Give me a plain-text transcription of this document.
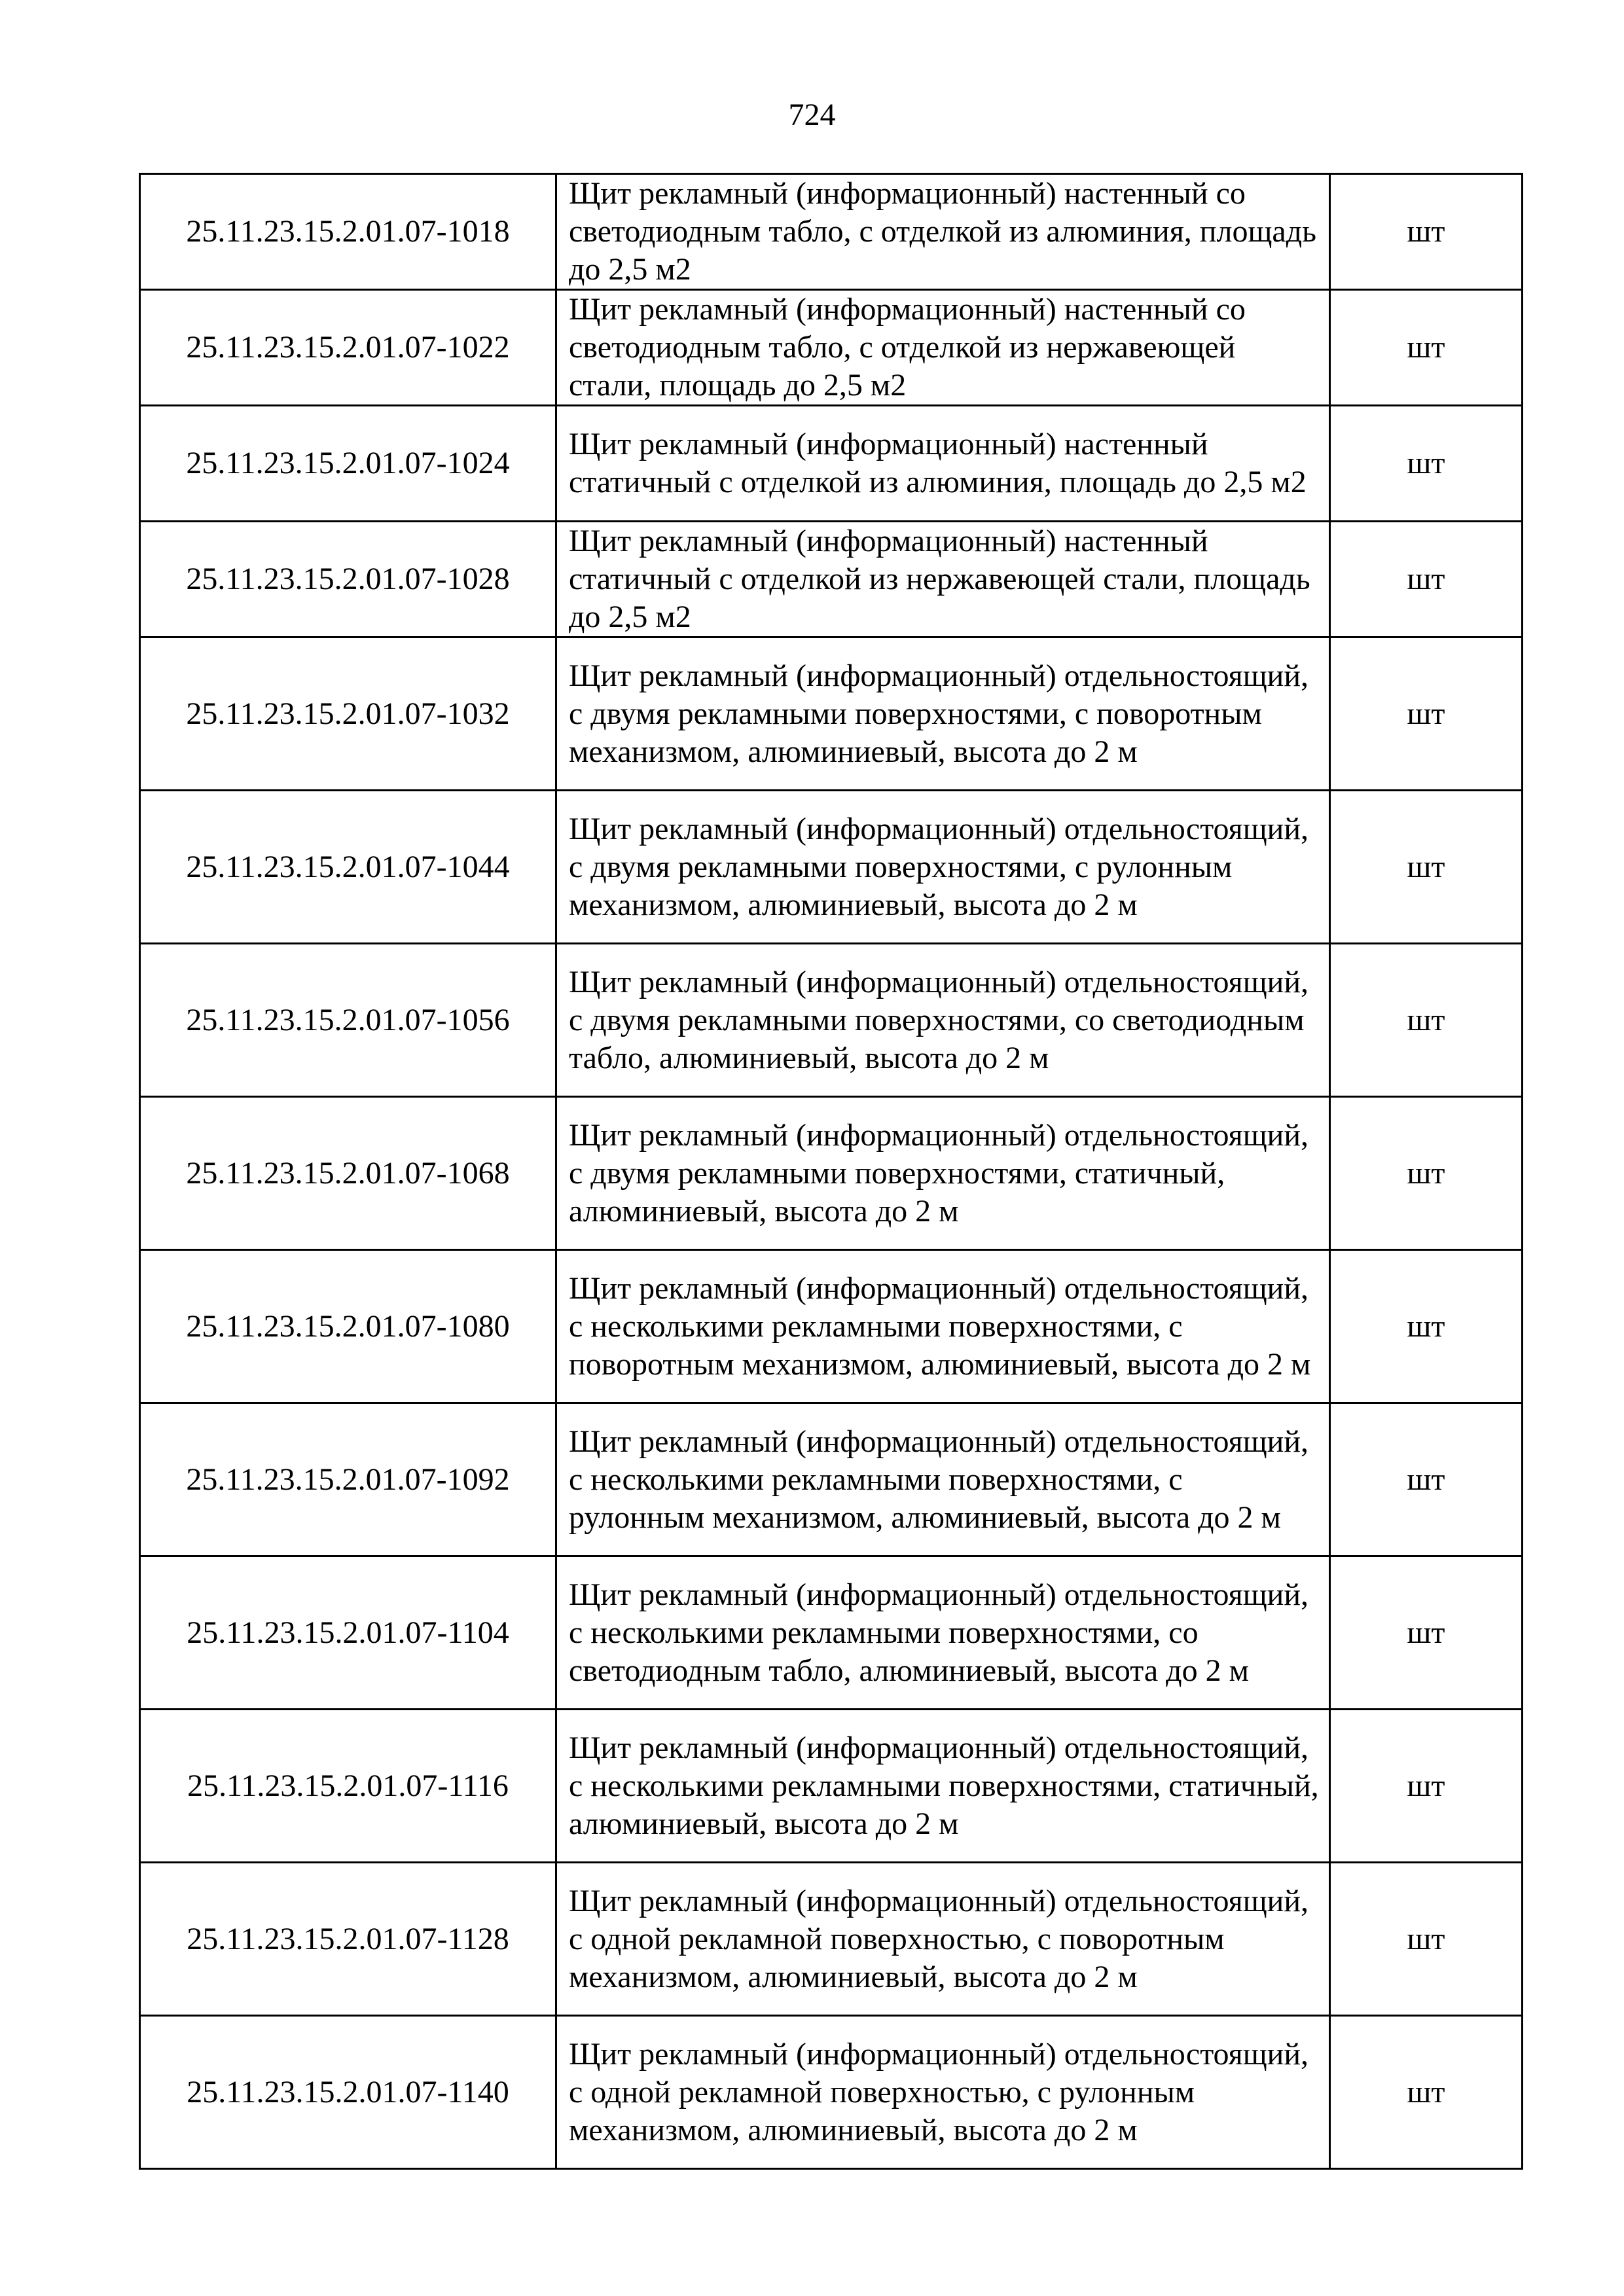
724
25.11.23.15.2.01.07-1018	Щит рекламный (информационный) настенный со светодиодным табло, с отделкой из алюминия, площадь до 2,5 м2	шт
25.11.23.15.2.01.07-1022	Щит рекламный (информационный) настенный со светодиодным табло, с отделкой из нержавеющей стали, площадь до 2,5 м2	шт
25.11.23.15.2.01.07-1024	Щит рекламный (информационный) настенный статичный с отделкой из алюминия, площадь до 2,5 м2	шт
25.11.23.15.2.01.07-1028	Щит рекламный (информационный) настенный статичный с отделкой из нержавеющей стали, площадь до 2,5 м2	шт
25.11.23.15.2.01.07-1032	Щит рекламный (информационный) отдельностоящий, с двумя рекламными поверхностями, с поворотным механизмом, алюминиевый, высота до 2 м	шт
25.11.23.15.2.01.07-1044	Щит рекламный (информационный) отдельностоящий, с двумя рекламными поверхностями, с рулонным механизмом, алюминиевый, высота до 2 м	шт
25.11.23.15.2.01.07-1056	Щит рекламный (информационный) отдельностоящий, с двумя рекламными поверхностями, со светодиодным табло, алюминиевый, высота до 2 м	шт
25.11.23.15.2.01.07-1068	Щит рекламный (информационный) отдельностоящий, с двумя рекламными поверхностями, статичный, алюминиевый, высота до 2 м	шт
25.11.23.15.2.01.07-1080	Щит рекламный (информационный) отдельностоящий, с несколькими рекламными поверхностями, с поворотным механизмом, алюминиевый, высота до 2 м	шт
25.11.23.15.2.01.07-1092	Щит рекламный (информационный) отдельностоящий, с несколькими рекламными поверхностями, с рулонным механизмом, алюминиевый, высота до 2 м	шт
25.11.23.15.2.01.07-1104	Щит рекламный (информационный) отдельностоящий, с несколькими рекламными поверхностями, со светодиодным табло, алюминиевый, высота до 2 м	шт
25.11.23.15.2.01.07-1116	Щит рекламный (информационный) отдельностоящий, с несколькими рекламными поверхностями, статичный, алюминиевый, высота до 2 м	шт
25.11.23.15.2.01.07-1128	Щит рекламный (информационный) отдельностоящий, с одной рекламной поверхностью, с поворотным механизмом, алюминиевый, высота до 2 м	шт
25.11.23.15.2.01.07-1140	Щит рекламный (информационный) отдельностоящий, с одной рекламной поверхностью, с рулонным механизмом, алюминиевый, высота до 2 м	шт
